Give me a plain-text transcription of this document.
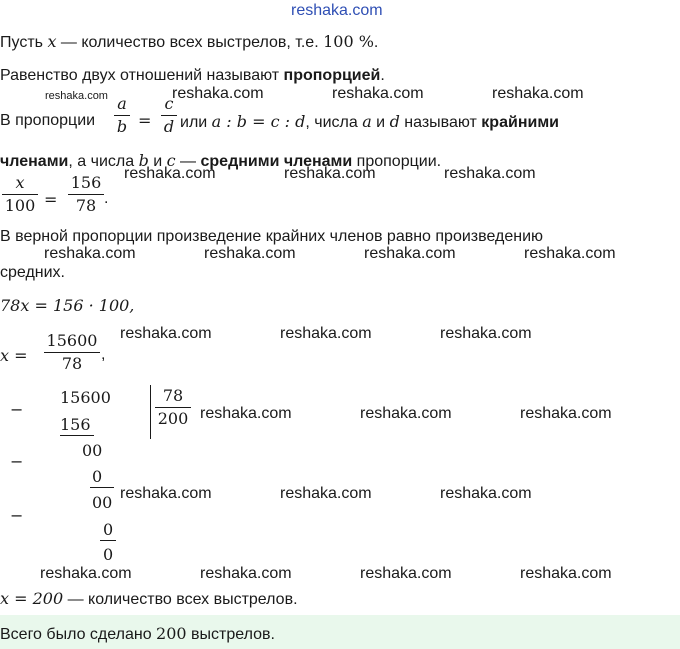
reshaka.com
Пусть x — количество всех выстрелов, т.е. 100 %.
Равенство двух отношений называют пропорцией.
В пропорции
a
b =
c
d или a : b = c : d, числа a и d называют крайними
членами, а числа b и c — средними членами пропорции.
x
100 =
156
78 .
В верной пропорции произведение крайних членов равно произведению
средних.
78x = 156 · 100,
x =
15600
78	,
−
15600
156
78
200
00
−
0
00
−
0
0
x = 200 — количество всех выстрелов.
Всего было сделано 200 выстрелов.
reshaka.com	reshaka.com	reshaka.com	reshaka.com
reshaka.com	reshaka.com	reshaka.com
reshaka.com	reshaka.com	reshaka.com	reshaka.com
reshaka.com	reshaka.com	reshaka.com
reshaka.com	reshaka.com	reshaka.com
reshaka.com	reshaka.com	reshaka.com
reshaka.com	reshaka.com	reshaka.com	reshaka.com
